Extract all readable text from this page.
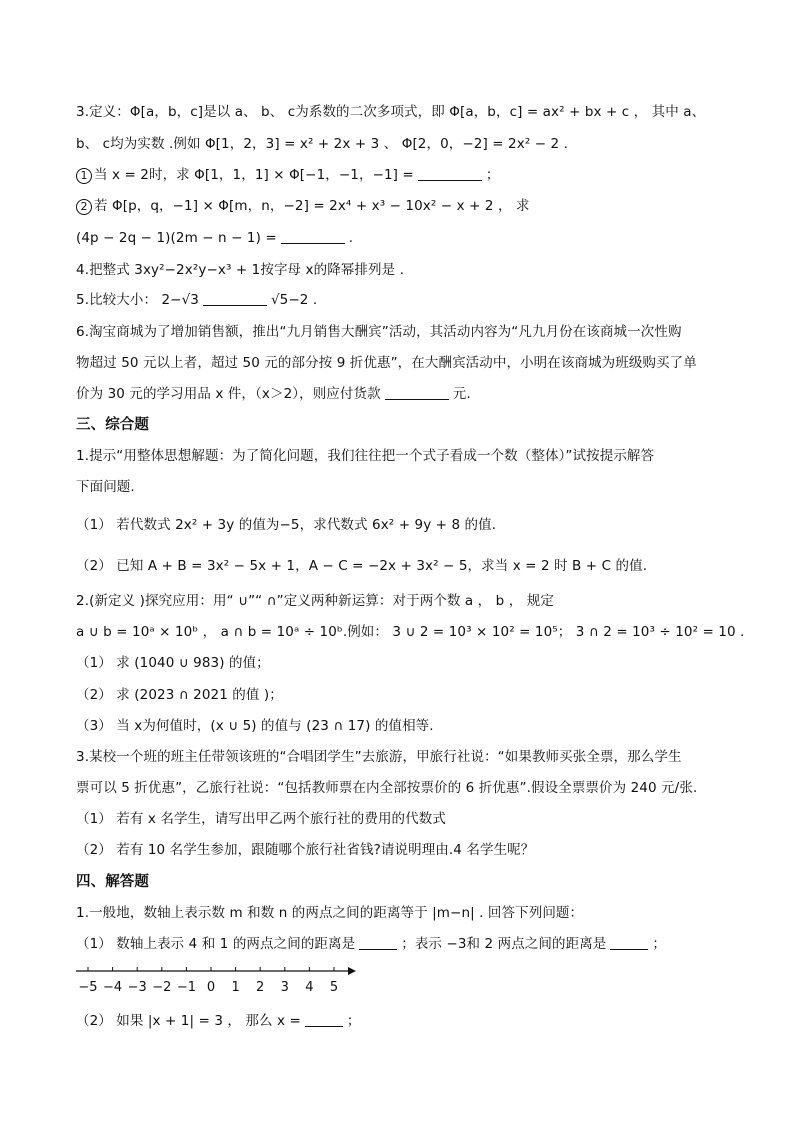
3.定义：Φ[a，b，c]是以 a、 b、 c为系数的二次多项式，即 Φ[a，b，c] = ax² + bx + c ， 其中 a、
b、 c均为实数 .例如 Φ[1，2，3] = x² + 2x + 3 、 Φ[2，0，−2] = 2x² − 2 .
1 当 x = 2时，求 Φ[1，1，1] × Φ[−1，−1，−1] =	；
2 若 Φ[p，q，−1] × Φ[m，n，−2] = 2x⁴ + x³ − 10x² − x + 2 ， 求
(4p − 2q − 1)(2m − n − 1) =	.
4.把整式 3xy²−2x²y−x³ + 1按字母 x的降幂排列是 .
5.比较大小： 2−√3	√5−2 .
6.淘宝商城为了增加销售额，推出“九月销售大酬宾”活动，其活动内容为“凡九月份在该商城一次性购
物超过 50 元以上者，超过 50 元的部分按 9 折优惠”，在大酬宾活动中，小明在该商城为班级购买了单
价为 30 元的学习用品 x 件，（x＞2），则应付货款	元.
三、综合题
1.提示“用整体思想解题：为了简化问题，我们往往把一个式子看成一个数（整体）”试按提示解答
下面问题.
（1） 若代数式 2x² + 3y 的值为−5，求代数式 6x² + 9y + 8 的值.
（2） 已知 A + B = 3x² − 5x + 1，A − C = −2x + 3x² − 5，求当 x = 2 时 B + C 的值.
2.(新定义 )探究应用：用“ ∪”“ ∩”定义两种新运算：对于两个数 a ， b ， 规定
a ∪ b = 10ᵃ × 10ᵇ ， a ∩ b = 10ᵃ ÷ 10ᵇ.例如： 3 ∪ 2 = 10³ × 10² = 10⁵； 3 ∩ 2 = 10³ ÷ 10² = 10 .
（1） 求 (1040 ∪ 983) 的值；
（2） 求 (2023 ∩ 2021 的值 )；
（3） 当 x为何值时，(x ∪ 5) 的值与 (23 ∩ 17) 的值相等.
3.某校一个班的班主任带领该班的“合唱团学生”去旅游，甲旅行社说：“如果教师买张全票，那么学生
票可以 5 折优惠”，乙旅行社说：“包括教师票在内全部按票价的 6 折优惠”.假设全票票价为 240 元/张.
（1） 若有 x 名学生，请写出甲乙两个旅行社的费用的代数式
（2） 若有 10 名学生参加，跟随哪个旅行社省钱?请说明理由.4 名学生呢？
四、解答题
1.一般地，数轴上表示数 m 和数 n 的两点之间的距离等于 |m−n| . 回答下列问题：
（1） 数轴上表示 4 和 1 的两点之间的距离是	；表示 −3和 2 两点之间的距离是	；
−5 −4 −3 −2 −1 0 1 2 3 4 5
（2） 如果 |x + 1| = 3 ， 那么 x =	；
